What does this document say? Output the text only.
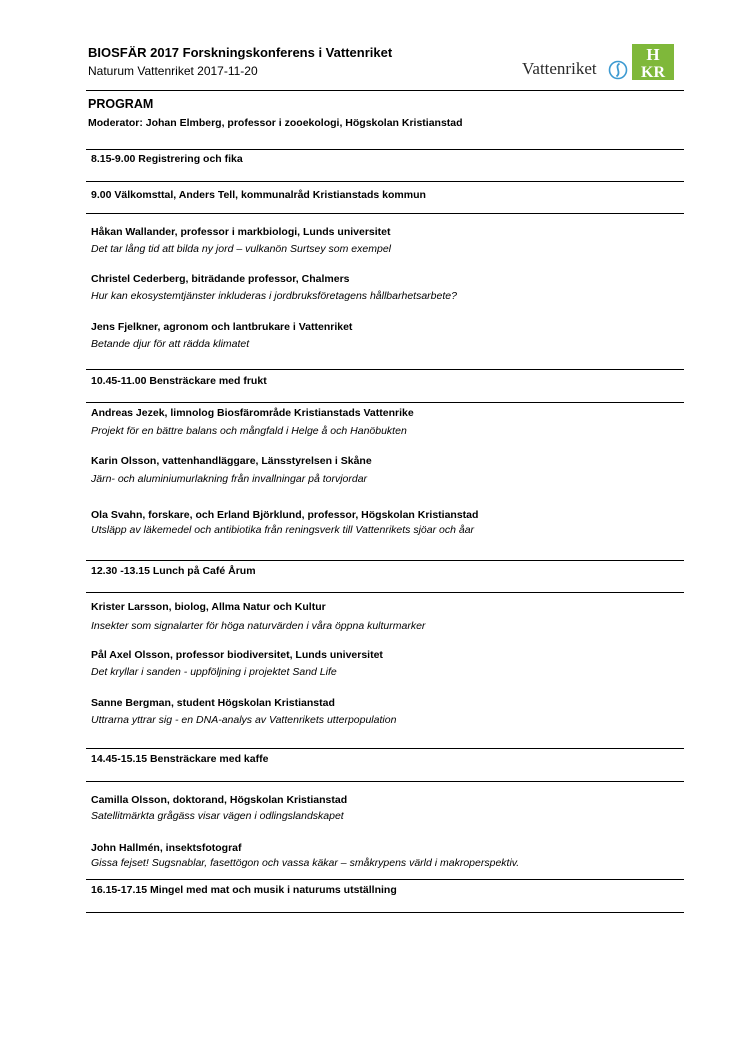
BIOSFÄR 2017 Forskningskonferens i Vattenriket
Naturum Vattenriket 2017-11-20	Vattenriket
H
KR
PROGRAM
Moderator: Johan Elmberg, professor i zooekologi, Högskolan Kristianstad
8.15-9.00 Registrering och fika
9.00 Välkomsttal, Anders Tell, kommunalråd Kristianstads kommun
Håkan Wallander, professor i markbiologi, Lunds universitet
Det tar lång tid att bilda ny jord – vulkanön Surtsey som exempel
Christel Cederberg, biträdande professor, Chalmers
Hur kan ekosystemtjänster inkluderas i jordbruksföretagens hållbarhetsarbete?
Jens Fjelkner, agronom och lantbrukare i Vattenriket
Betande djur för att rädda klimatet
10.45-11.00 Bensträckare med frukt
Andreas Jezek, limnolog Biosfärområde Kristianstads Vattenrike
Projekt för en bättre balans och mångfald i Helge å och Hanöbukten
Karin Olsson, vattenhandläggare, Länsstyrelsen i Skåne
Järn- och aluminiumurlakning från invallningar på torvjordar
Ola Svahn, forskare, och Erland Björklund, professor, Högskolan Kristianstad
Utsläpp av läkemedel och antibiotika från reningsverk till Vattenrikets sjöar och åar
12.30 -13.15 Lunch på Café Årum
Krister Larsson, biolog, Allma Natur och Kultur
Insekter som signalarter för höga naturvärden i våra öppna kulturmarker
Pål Axel Olsson, professor biodiversitet, Lunds universitet
Det kryllar i sanden - uppföljning i projektet Sand Life
Sanne Bergman, student Högskolan Kristianstad
Uttrarna yttrar sig - en DNA-analys av Vattenrikets utterpopulation
14.45-15.15 Bensträckare med kaffe
Camilla Olsson, doktorand, Högskolan Kristianstad
Satellitmärkta grågäss visar vägen i odlingslandskapet
John Hallmén, insektsfotograf
Gissa fejset! Sugsnablar, fasettögon och vassa käkar – småkrypens värld i makroperspektiv.
16.15-17.15 Mingel med mat och musik i naturums utställning
